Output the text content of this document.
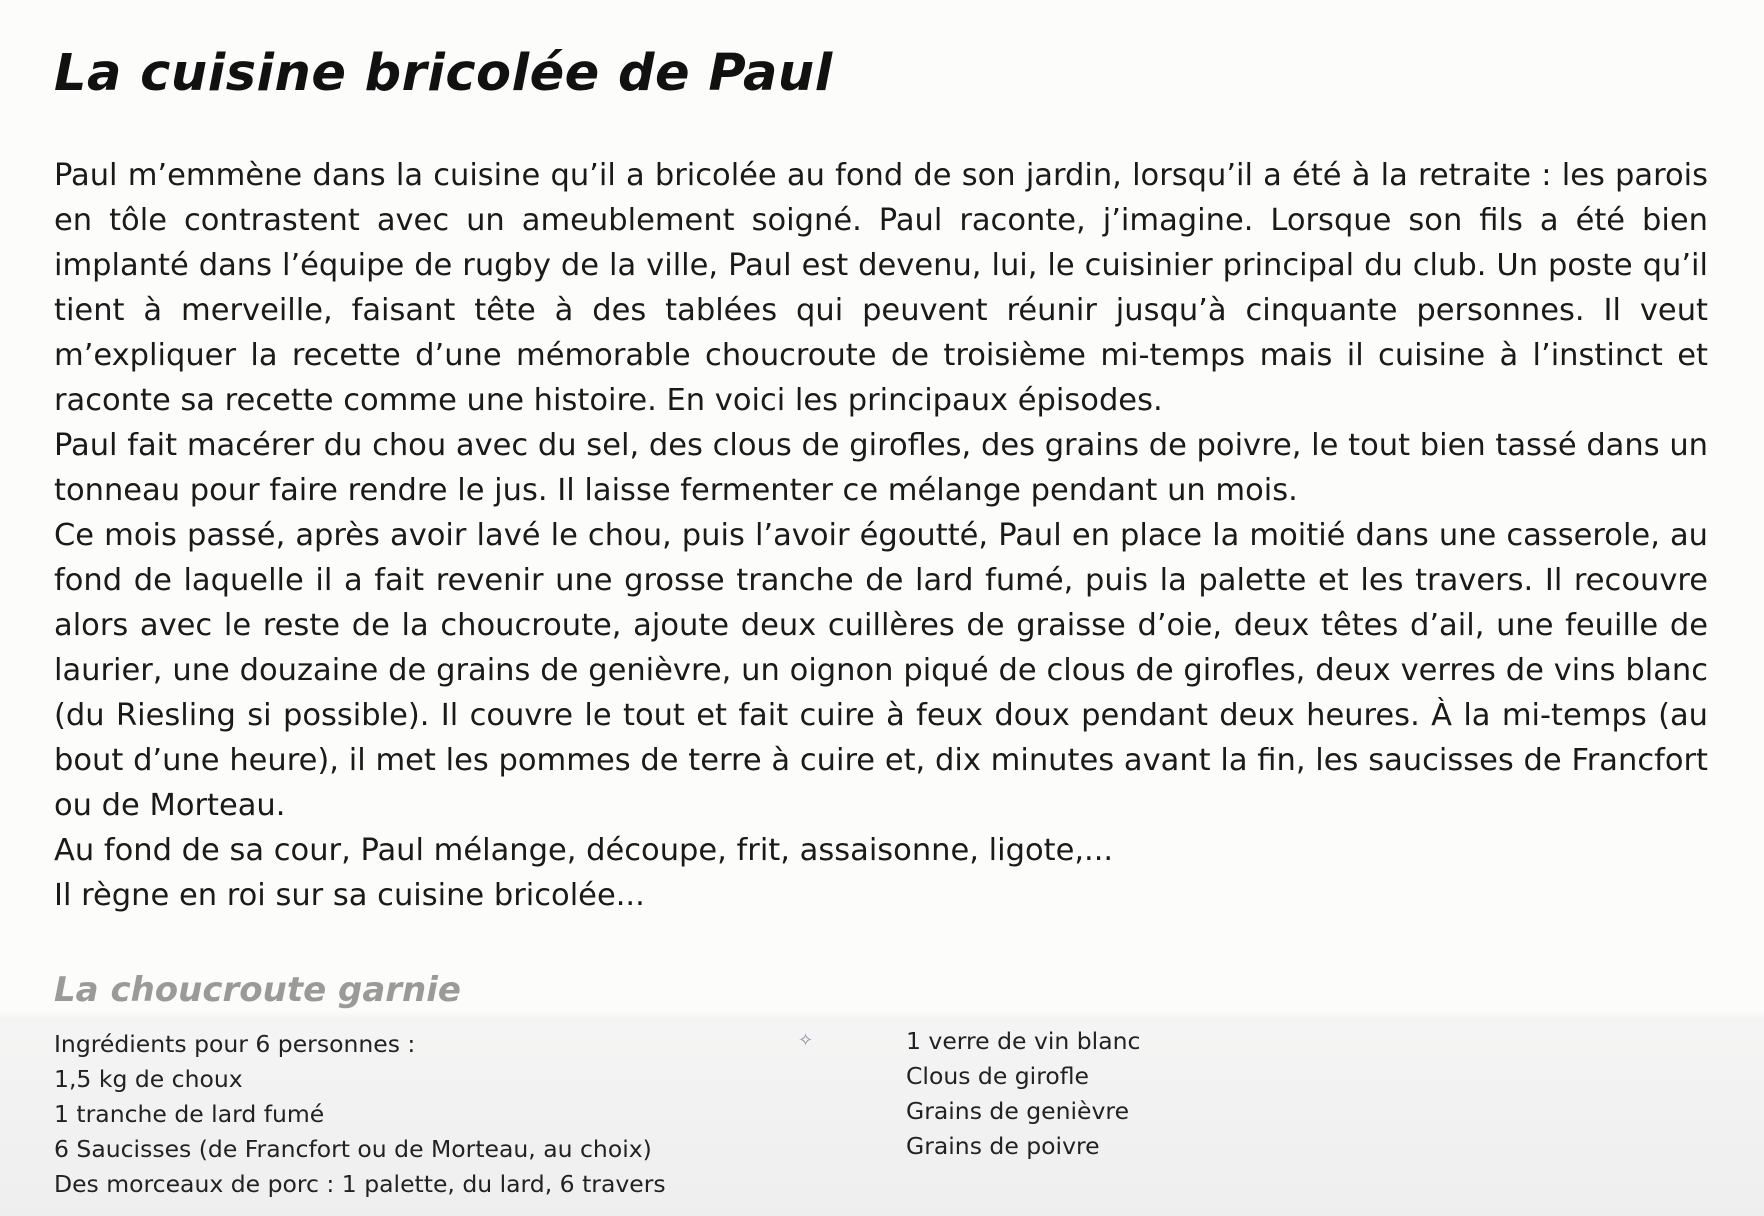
La cuisine bricolée de Paul

Paul m’emmène dans la cuisine qu’il a bricolée au fond de son jardin, lorsqu’il a été à la retraite : les parois en tôle contrastent avec un ameublement soigné. Paul raconte, j’imagine. Lorsque son fils a été bien implanté dans l’équipe de rugby de la ville, Paul est devenu, lui, le cuisinier principal du club. Un poste qu’il tient à merveille, faisant tête à des tablées qui peuvent réunir jusqu’à cinquante personnes. Il veut m’expliquer la recette d’une mémorable choucroute de troisième mi-temps mais il cuisine à l’instinct et raconte sa recette comme une histoire. En voici les principaux épisodes.

Paul fait macérer du chou avec du sel, des clous de girofles, des grains de poivre, le tout bien tassé dans un tonneau pour faire rendre le jus. Il laisse fermenter ce mélange pendant un mois.

Ce mois passé, après avoir lavé le chou, puis l’avoir égoutté, Paul en place la moitié dans une casserole, au fond de laquelle il a fait revenir une grosse tranche de lard fumé, puis la palette et les travers. Il recouvre alors avec le reste de la choucroute, ajoute deux cuillères de graisse d’oie, deux têtes d’ail, une feuille de laurier, une douzaine de grains de genièvre, un oignon piqué de clous de girofles, deux verres de vins blanc (du Riesling si possible). Il couvre le tout et fait cuire à feux doux pendant deux heures. À la mi-temps (au bout d’une heure), il met les pommes de terre à cuire et, dix minutes avant la fin, les saucisses de Francfort ou de Morteau.

Au fond de sa cour, Paul mélange, découpe, frit, assaisonne, ligote,...

Il règne en roi sur sa cuisine bricolée...

La choucroute garnie
Ingrédients pour 6 personnes :
1,5 kg de choux
1 tranche de lard fumé
6 Saucisses (de Francfort ou de Morteau, au choix)
Des morceaux de porc : 1 palette, du lard, 6 travers
1 verre de vin blanc
Clous de girofle
Grains de genièvre
Grains de poivre
✧
